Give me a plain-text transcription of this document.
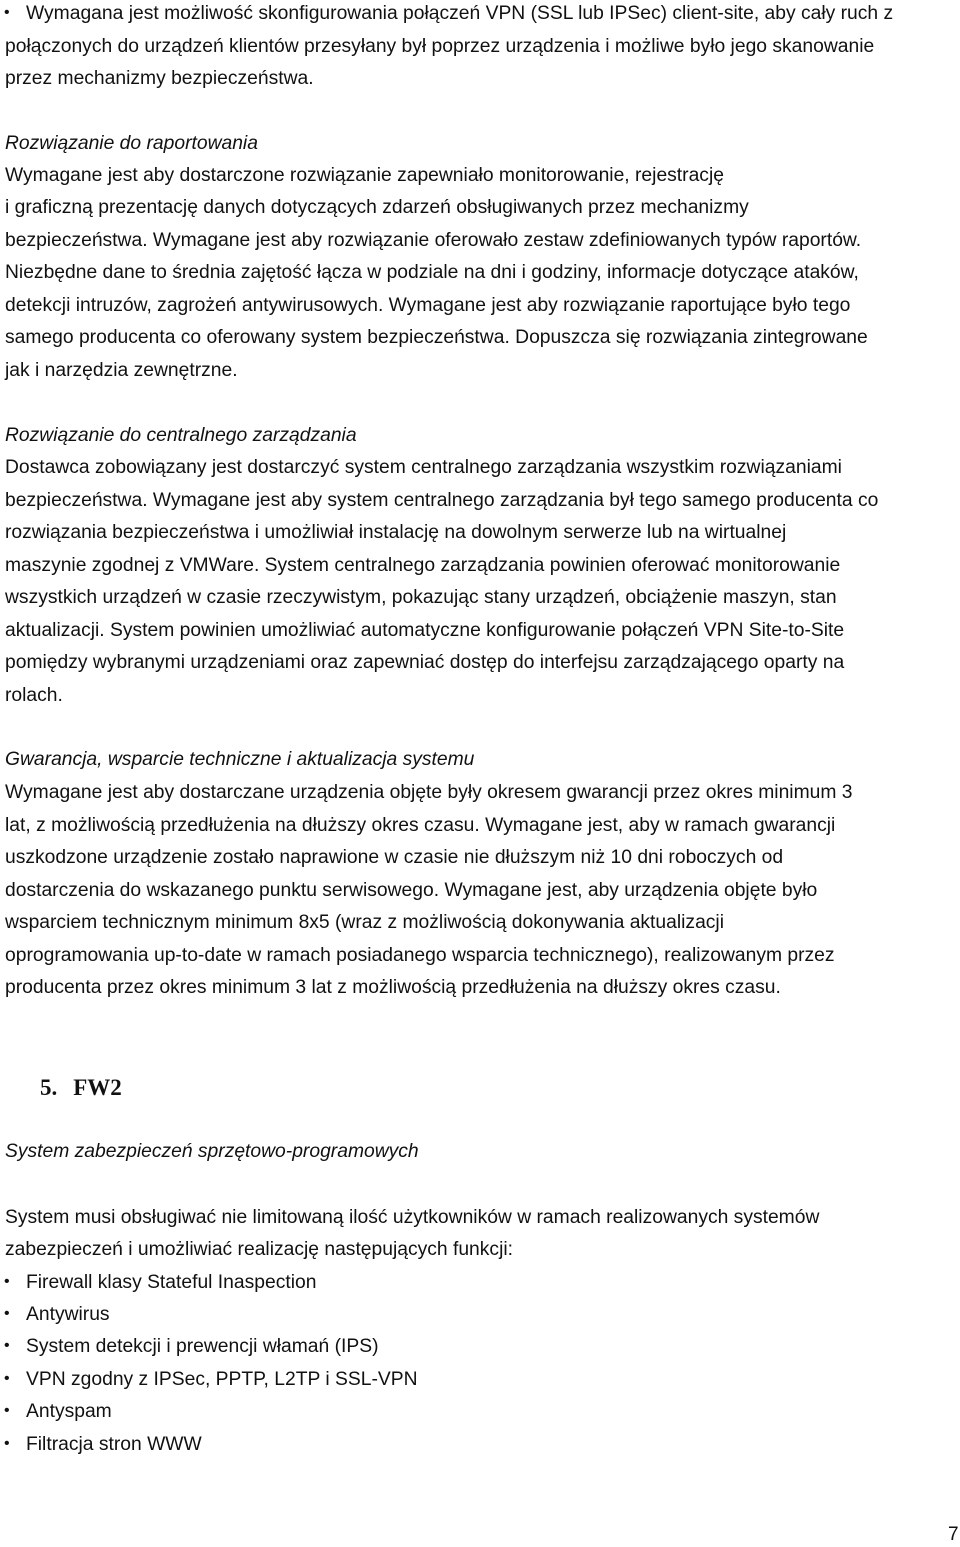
• Wymagana jest możliwość skonfigurowania połączeń VPN (SSL lub IPSec) client-site, aby cały ruch z
połączonych do urządzeń klientów przesyłany był poprzez urządzenia i możliwe było jego skanowanie
przez mechanizmy bezpieczeństwa.
Rozwiązanie do raportowania
Wymagane jest aby dostarczone rozwiązanie zapewniało monitorowanie, rejestrację
i graficzną prezentację danych dotyczących zdarzeń obsługiwanych przez mechanizmy
bezpieczeństwa. Wymagane jest aby rozwiązanie oferowało zestaw zdefiniowanych typów raportów.
Niezbędne dane to średnia zajętość łącza w podziale na dni i godziny, informacje dotyczące ataków,
detekcji intruzów, zagrożeń antywirusowych. Wymagane jest aby rozwiązanie raportujące było tego
samego producenta co oferowany system bezpieczeństwa. Dopuszcza się rozwiązania zintegrowane
jak i narzędzia zewnętrzne.
Rozwiązanie do centralnego zarządzania
Dostawca zobowiązany jest dostarczyć system centralnego zarządzania wszystkim rozwiązaniami
bezpieczeństwa. Wymagane jest aby system centralnego zarządzania był tego samego producenta co
rozwiązania bezpieczeństwa i umożliwiał instalację na dowolnym serwerze lub na wirtualnej
maszynie zgodnej z VMWare. System centralnego zarządzania powinien oferować monitorowanie
wszystkich urządzeń w czasie rzeczywistym, pokazując stany urządzeń, obciążenie maszyn, stan
aktualizacji. System powinien umożliwiać automatyczne konfigurowanie połączeń VPN Site-to-Site
pomiędzy wybranymi urządzeniami oraz zapewniać dostęp do interfejsu zarządzającego oparty na
rolach.
Gwarancja, wsparcie techniczne i aktualizacja systemu
Wymagane jest aby dostarczane urządzenia objęte były okresem gwarancji przez okres minimum 3
lat, z możliwością przedłużenia na dłuższy okres czasu. Wymagane jest, aby w ramach gwarancji
uszkodzone urządzenie zostało naprawione w czasie nie dłuższym niż 10 dni roboczych od
dostarczenia do wskazanego punktu serwisowego. Wymagane jest, aby urządzenia objęte było
wsparciem technicznym minimum 8x5 (wraz z możliwością dokonywania aktualizacji
oprogramowania up-to-date w ramach posiadanego wsparcia technicznego), realizowanym przez
producenta przez okres minimum 3 lat z możliwością przedłużenia na dłuższy okres czasu.
5. FW2
System zabezpieczeń sprzętowo-programowych
System musi obsługiwać nie limitowaną ilość użytkowników w ramach realizowanych systemów
zabezpieczeń i umożliwiać realizację następujących funkcji:
• Firewall klasy Stateful Inaspection
• Antywirus
• System detekcji i prewencji włamań (IPS)
• VPN zgodny z IPSec, PPTP, L2TP i SSL-VPN
• Antyspam
• Filtracja stron WWW
7
